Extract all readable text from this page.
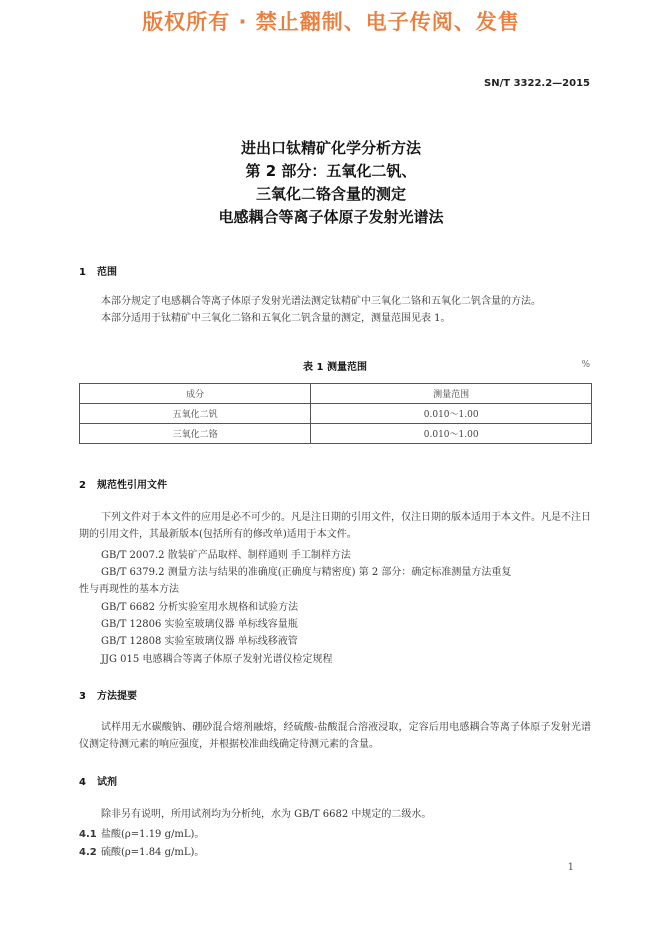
版权所有 · 禁止翻制、电子传阅、发售
SN/T 3322.2—2015
进出口钛精矿化学分析方法
第 2 部分：五氧化二钒、
三氧化二铬含量的测定
电感耦合等离子体原子发射光谱法
1 范围

本部分规定了电感耦合等离子体原子发射光谱法测定钛精矿中三氧化二铬和五氧化二钒含量的方法。

本部分适用于钛精矿中三氧化二铬和五氧化二钒含量的测定，测量范围见表 1。

表 1 测量范围	%
成分	测量范围
五氧化二钒	0.010～1.00
三氧化二铬	0.010～1.00
2 规范性引用文件

下列文件对于本文件的应用是必不可少的。凡是注日期的引用文件，仅注日期的版本适用于本文件。凡是不注日期的引用文件，其最新版本(包括所有的修改单)适用于本文件。

GB/T 2007.2 散装矿产品取样、制样通则 手工制样方法
GB/T 6379.2 测量方法与结果的准确度(正确度与精密度) 第 2 部分：确定标准测量方法重复
性与再现性的基本方法
GB/T 6682 分析实验室用水规格和试验方法
GB/T 12806 实验室玻璃仪器 单标线容量瓶
GB/T 12808 实验室玻璃仪器 单标线移液管
JJG 015 电感耦合等离子体原子发射光谱仪检定规程
3 方法提要

试样用无水碳酸钠、硼砂混合熔剂融熔，经硫酸-盐酸混合溶液浸取，定容后用电感耦合等离子体原子发射光谱仪测定待测元素的响应强度，并根据校准曲线确定待测元素的含量。

4 试剂

除非另有说明，所用试剂均为分析纯，水为 GB/T 6682 中规定的二级水。

4.1 盐酸(ρ=1.19 g/mL)。
4.2 硫酸(ρ=1.84 g/mL)。
1
